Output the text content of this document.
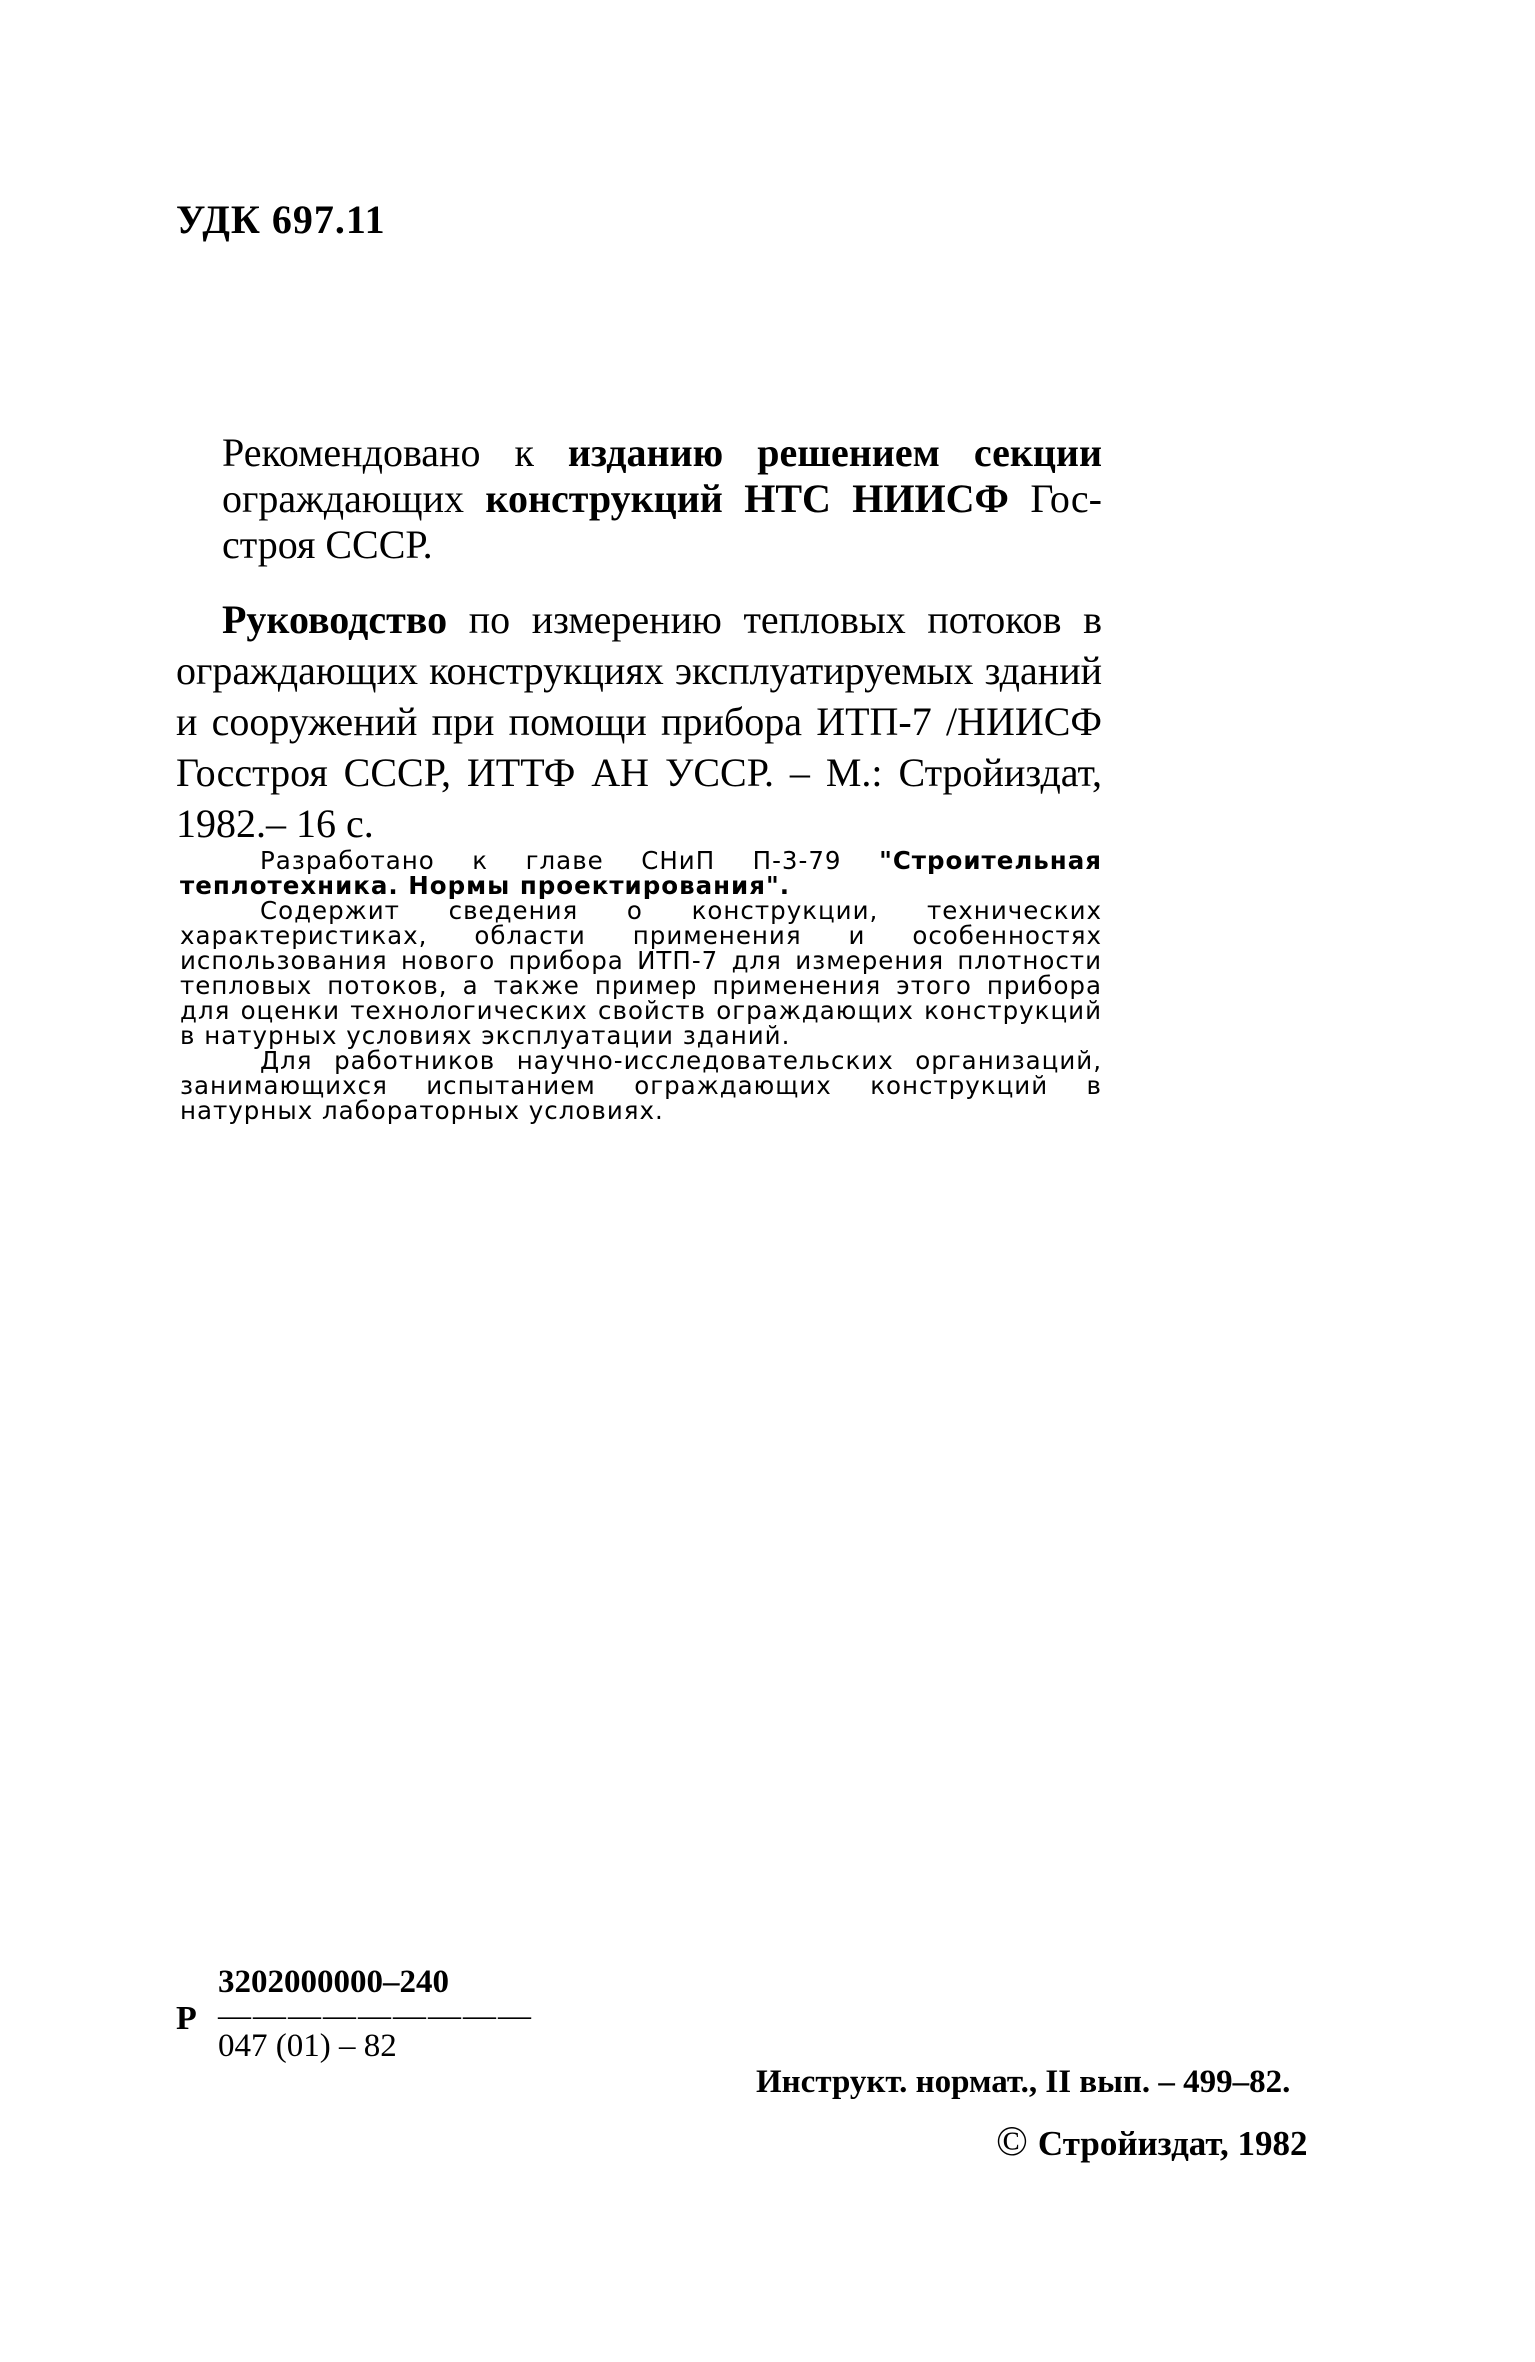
УДК 697.11
Рекомендовано к изданию решением секции ограждающих конструкций НТС НИИСФ Гос-строя СССР.
Руководство по измерению тепловых потоков в ограждающих конструкциях эксплуатируемых зданий и сооружений при помощи прибора ИТП-7 /НИИСФ Госстроя СССР, ИТТФ АН УССР. – М.: Стройиздат, 1982.– 16 с.

Разработано к главе СНиП П-3-79 "Строительная теплотехника. Нормы проектирования".

Содержит сведения о конструкции, технических характеристиках, области применения и особенностях использования нового прибора ИТП-7 для измерения плотности тепловых потоков, а также пример применения этого прибора для оценки технологических свойств ограждающих конструкций в натурных условиях эксплуатации зданий.

Для работников научно-исследовательских организаций, занимающихся испытанием ограждающих конструкций в натурных лабораторных условиях.

Р
3202000000–240
—————————
047 (01) – 82
Инструкт. нормат., II вып. – 499–82.
© Стройиздат, 1982
